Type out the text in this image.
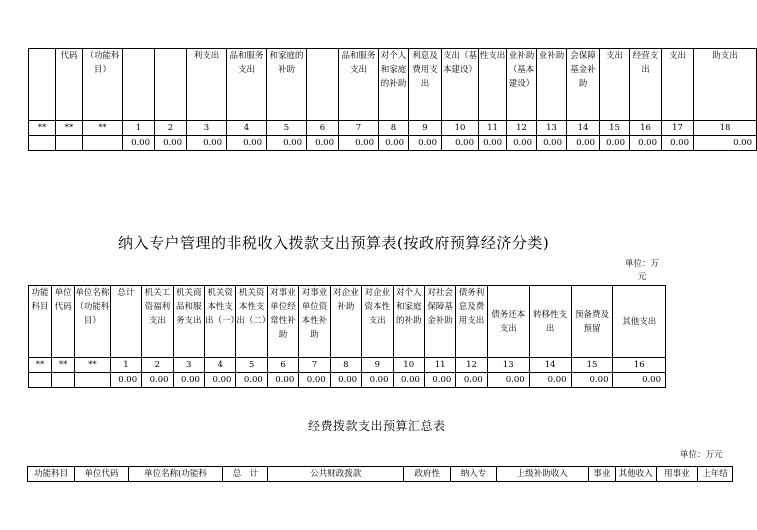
	代码	（功能科目）			利支出	品和服务支出	和家庭的补助		品和服务支出	对个人和家庭的补助	利息及费用支出	支出（基本建设）	性支出	业补助（基本建设）	业补助	会保障基金补助	支出	经营支出	支出	助支出
**	**	**	1	2	3	4	5	6	7	8	9	10	11	12	13	14	15	16	17	18
			0.00	0.00	0.00	0.00	0.00	0.00	0.00	0.00	0.00	0.00	0.00	0.00	0.00	0.00	0.00	0.00	0.00	0.00
纳入专户管理的非税收入拨款支出预算表(按政府预算经济分类)
单位：万元
功能科目	单位代码	单位名称（功能科目）	总计	机关工资福利支出	机关商品和服务支出	机关资本性支出（一）	机关资本性支出（二）	对事业单位经常性补助	对事业单位资本性补助	对企业补助	对企业资本性支出	对个人和家庭的补助	对社会保障基金补助	债务利息及费用支出	债务还本支出	转移性支出	预备费及预留	其他支出
**	**	**	1	2	3	4	5	6	7	8	9	10	11	12	13	14	15	16
			0.00	0.00	0.00	0.00	0.00	0.00	0.00	0.00	0.00	0.00	0.00	0.00	0.00	0.00	0.00	0.00
经费拨款支出预算汇总表
单位：万元
功能科目	单位代码	单位名称(功能科	总　计	公共财政拨款	政府性	纳入专	上级补助收入	事业	其他收入	用事业	上年结
